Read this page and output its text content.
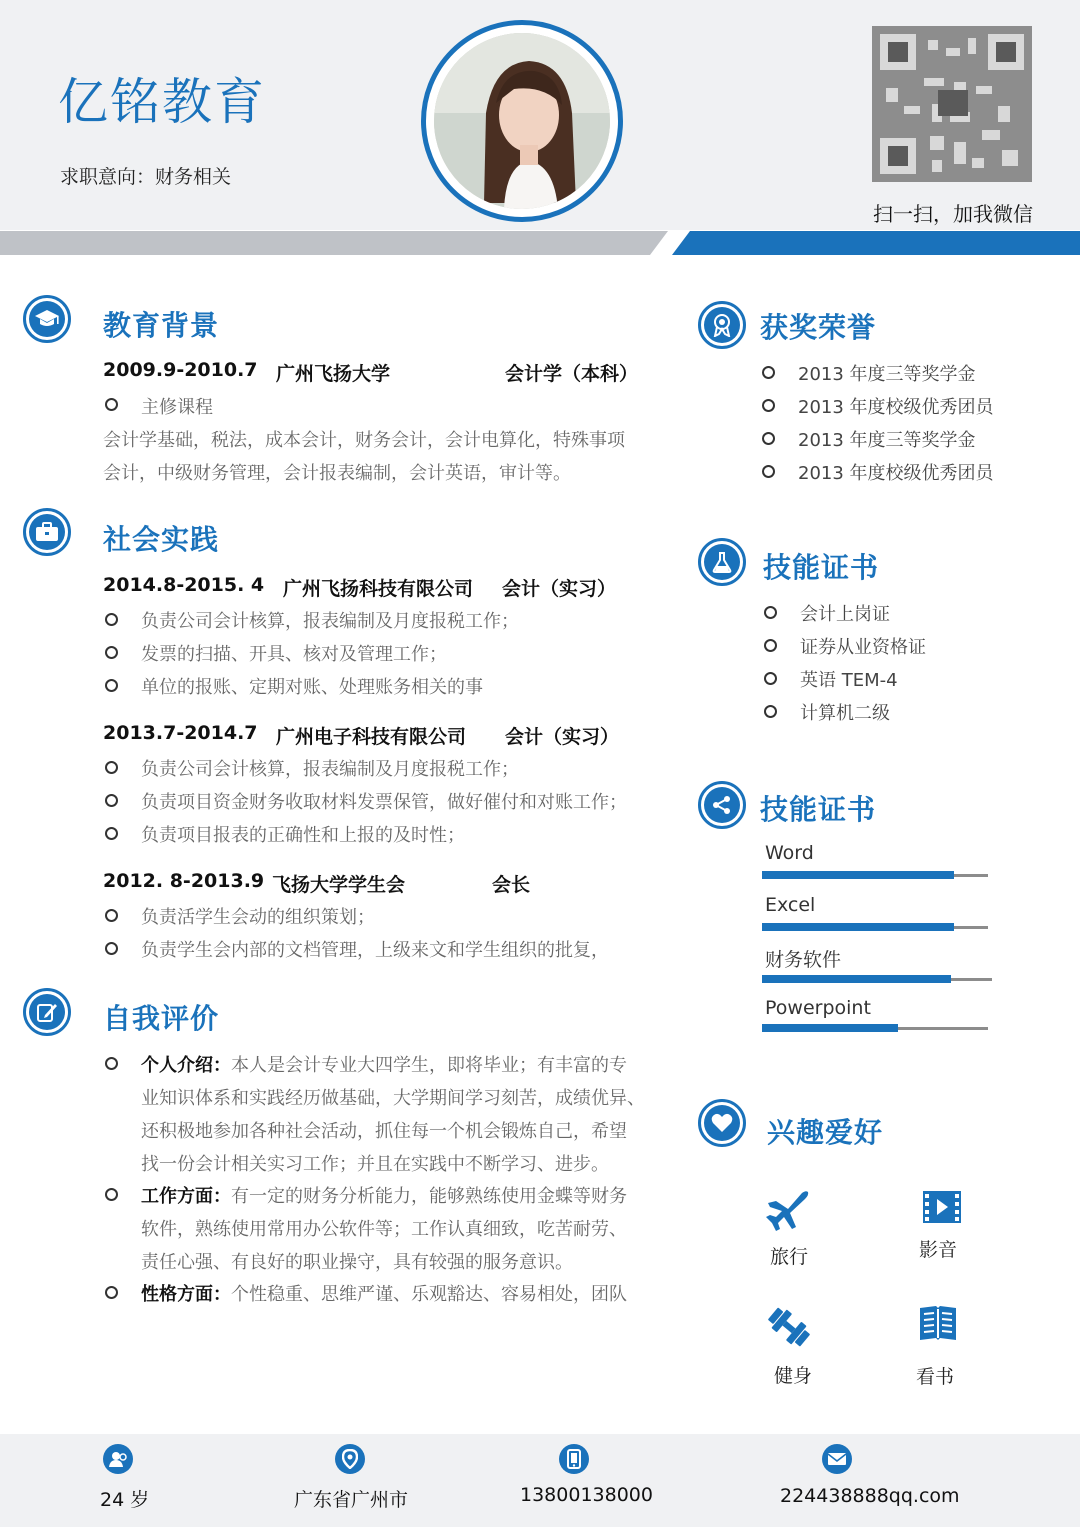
亿铭教育
求职意向：财务相关
扫一扫，加我微信
教育背景
2009.9-2010.7 广州飞扬大学	会计学（本科）
主修课程
会计学基础，税法，成本会计，财务会计，会计电算化，特殊事项
会计，中级财务管理，会计报表编制，会计英语，审计等。
社会实践
2014.8-2015. 4 广州飞扬科技有限公司 会计（实习）
负责公司会计核算，报表编制及月度报税工作；
发票的扫描、开具、核对及管理工作；
单位的报账、定期对账、处理账务相关的事
2013.7-2014.7 广州电子科技有限公司 会计（实习）
负责公司会计核算，报表编制及月度报税工作；
负责项目资金财务收取材料发票保管，做好催付和对账工作；
负责项目报表的正确性和上报的及时性；
2012. 8-2013.9 飞扬大学学生会	会长
负责活学生会动的组织策划；
负责学生会内部的文档管理，上级来文和学生组织的批复，
自我评价
个人介绍：本人是会计专业大四学生，即将毕业；有丰富的专
业知识体系和实践经历做基础，大学期间学习刻苦，成绩优异、
还积极地参加各种社会活动，抓住每一个机会锻炼自己，希望
找一份会计相关实习工作；并且在实践中不断学习、进步。
工作方面：有一定的财务分析能力，能够熟练使用金蝶等财务
软件，熟练使用常用办公软件等；工作认真细致，吃苦耐劳、
责任心强、有良好的职业操守，具有较强的服务意识。
性格方面：个性稳重、思维严谨、乐观豁达、容易相处，团队
获奖荣誉
2013 年度三等奖学金
2013 年度校级优秀团员
2013 年度三等奖学金
2013 年度校级优秀团员
技能证书
会计上岗证
证券从业资格证
英语 TEM-4
计算机二级
技能证书
Word
Excel
财务软件
Powerpoint
兴趣爱好
旅行	影音
健身	看书
24 岁	广东省广州市	13800138000	224438888qq.com
